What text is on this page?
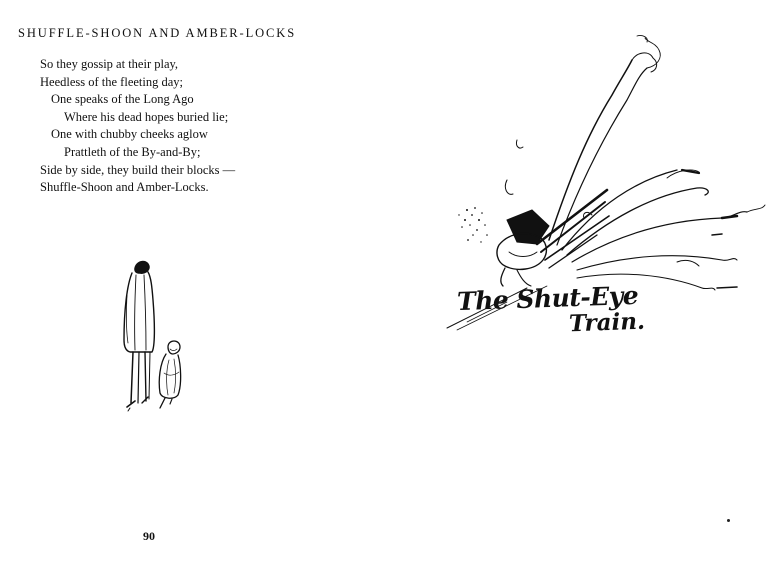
SHUFFLE-SHOON AND AMBER-LOCKS
So they gossip at their play,
Heedless of the fleeting day;
One speaks of the Long Ago
Where his dead hopes buried lie;
One with chubby cheeks aglow
Prattleth of the By-and-By;
Side by side, they build their blocks —
Shuffle-Shoon and Amber-Locks.
90
The Shut-Eye
Train.
